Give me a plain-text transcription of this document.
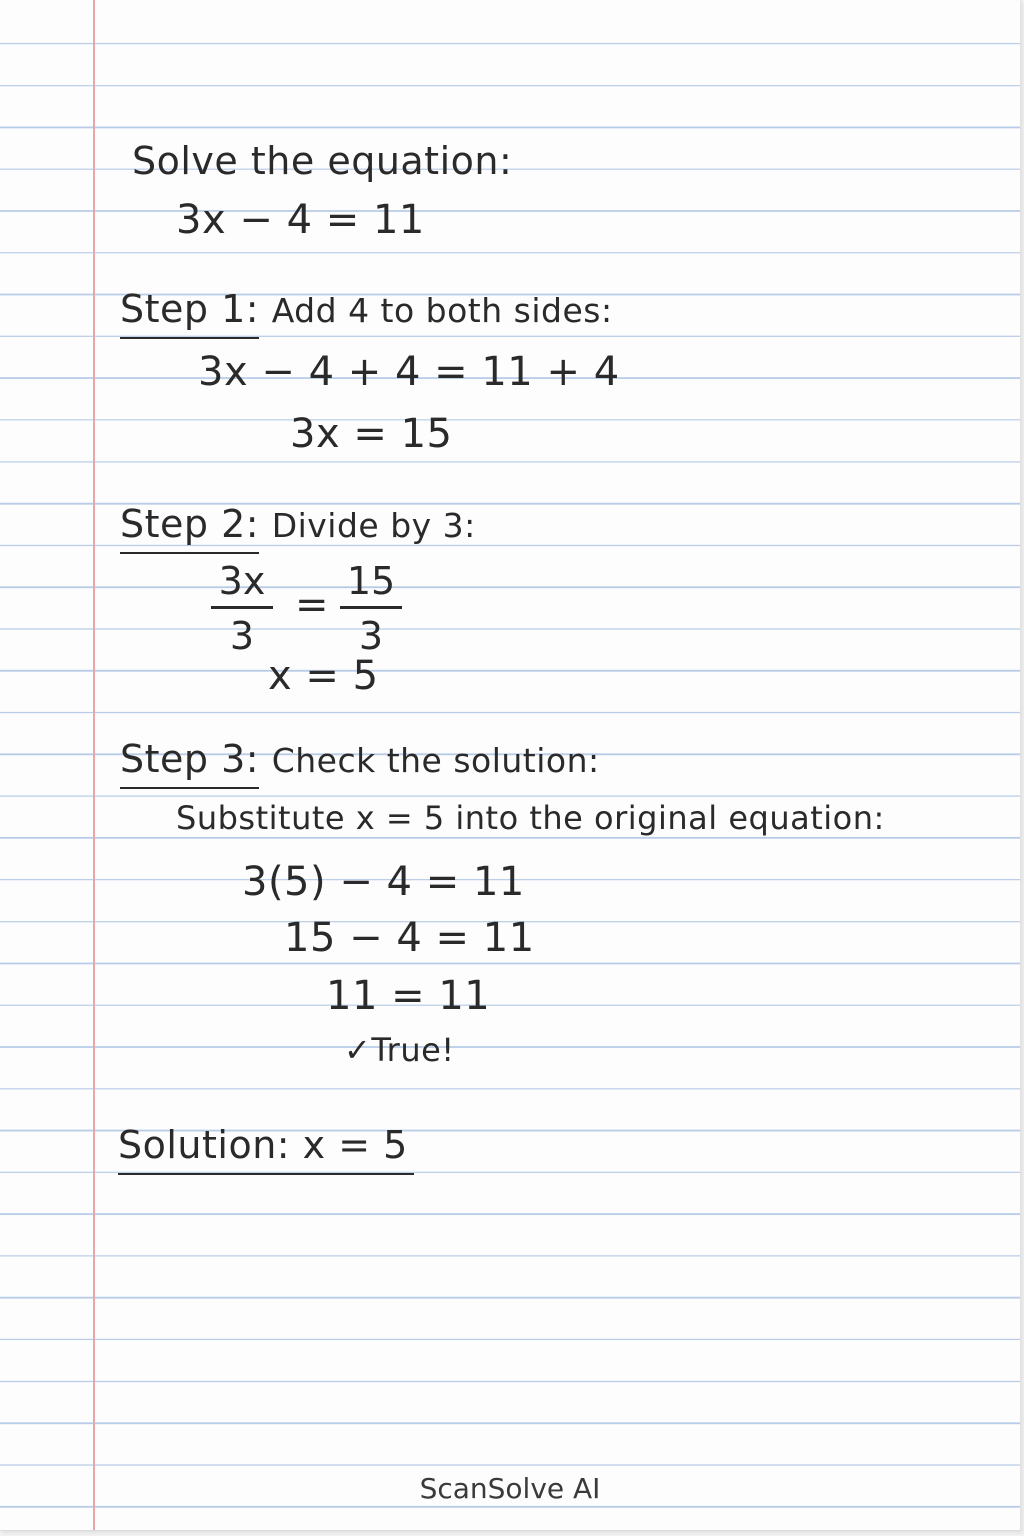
Solve the equation:
3x − 4 = 11
Step 1: Add 4 to both sides:
3x − 4 + 4 = 11 + 4
3x = 15
Step 2: Divide by 3:
3x
3
=
15
3
x = 5
Step 3: Check the solution:
Substitute x = 5 into the original equation:
3(5) − 4 = 11
15 − 4 = 11
11 = 11
✓True!
Solution: x = 5
ScanSolve AI
